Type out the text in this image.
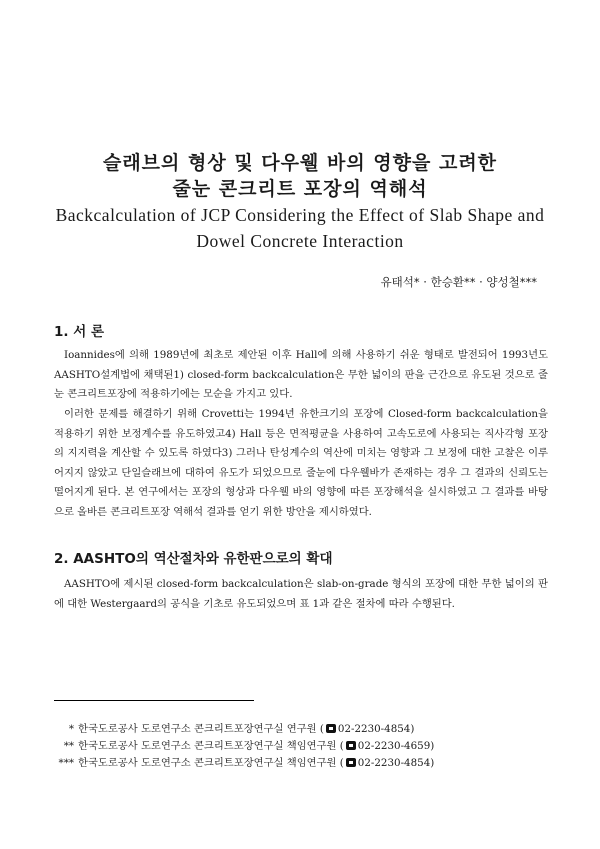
슬래브의 형상 및 다우웰 바의 영향을 고려한
줄눈 콘크리트 포장의 역해석
Backcalculation of JCP Considering the Effect of Slab Shape and
Dowel Concrete Interaction

유태석* · 한승환** · 양성철***

1. 서 론

Ioannides에 의해 1989년에 최초로 제안된 이후 Hall에 의해 사용하기 쉬운 형태로 발전되어 1993년도 AASHTO설계법에 채택된1) closed-form backcalculation은 무한 넓이의 판을 근간으로 유도된 것으로 줄눈 콘크리트포장에 적용하기에는 모순을 가지고 있다.

이러한 문제를 해결하기 위해 Crovetti는 1994년 유한크기의 포장에 Closed-form backcalculation을 적용하기 위한 보정계수를 유도하였고4) Hall 등은 면적평균을 사용하여 고속도로에 사용되는 직사각형 포장의 지지력을 계산할 수 있도록 하였다3) 그러나 탄성계수의 역산에 미치는 영향과 그 보정에 대한 고찰은 이루어지지 않았고 단일슬래브에 대하여 유도가 되었으므로 줄눈에 다우웰바가 존재하는 경우 그 결과의 신뢰도는 떨어지게 된다. 본 연구에서는 포장의 형상과 다우웰 바의 영향에 따른 포장해석을 실시하였고 그 결과를 바탕으로 올바른 콘크리트포장 역해석 결과를 얻기 위한 방안을 제시하였다.

2. AASHTO의 역산절차와 유한판으로의 확대

AASHTO에 제시된 closed-form backcalculation은 slab-on-grade 형식의 포장에 대한 무한 넓이의 판에 대한 Westergaard의 공식을 기초로 유도되었으며 표 1과 같은 절차에 따라 수행된다.

* 한국도로공사 도로연구소 콘크리트포장연구실 연구원 ( 02-2230-4854)

** 한국도로공사 도로연구소 콘크리트포장연구실 책임연구원 ( 02-2230-4659)

*** 한국도로공사 도로연구소 콘크리트포장연구실 책임연구원 ( 02-2230-4854)
